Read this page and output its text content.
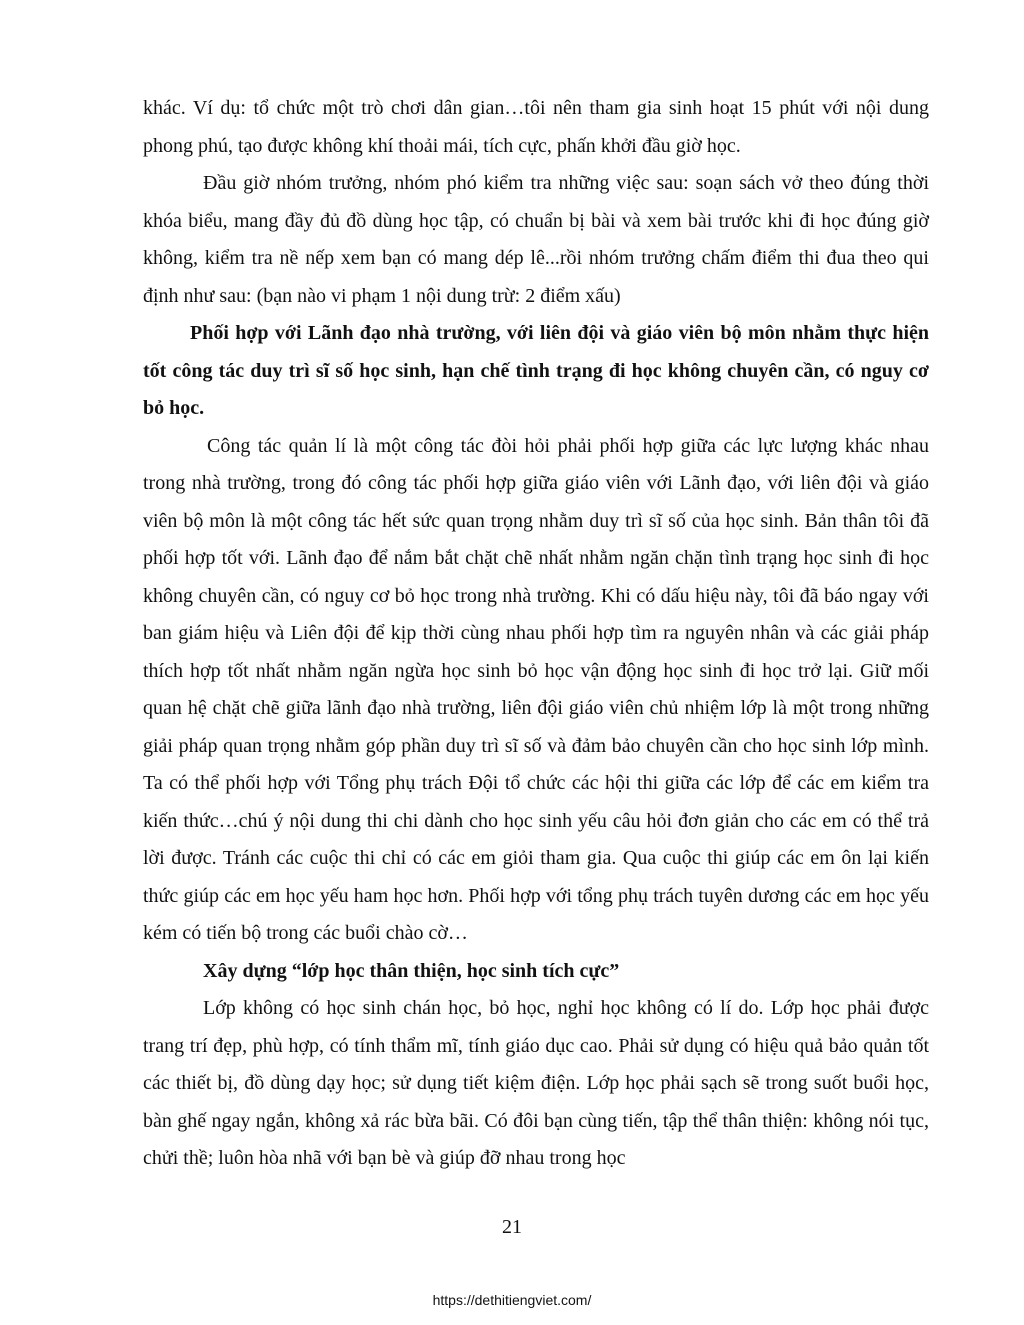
khác. Ví dụ: tổ chức một trò chơi dân gian…tôi nên tham gia sinh hoạt 15 phút với nội dung phong phú, tạo được không khí thoải mái, tích cực, phấn khởi đầu giờ học.

Đầu giờ nhóm trưởng, nhóm phó kiểm tra những việc sau: soạn sách vở theo đúng thời khóa biểu, mang đầy đủ đồ dùng học tập, có chuẩn bị bài và xem bài trước khi đi học đúng giờ không, kiểm tra nề nếp xem bạn có mang dép lê...rồi nhóm trưởng chấm điểm thi đua theo qui định như sau: (bạn nào vi phạm 1 nội dung trừ: 2 điểm xấu)

Phối hợp với Lãnh đạo nhà trường, với liên đội và giáo viên bộ môn nhằm thực hiện tốt công tác duy trì sĩ số học sinh, hạn chế tình trạng đi học không chuyên cần, có nguy cơ bỏ học.

Công tác quản lí là một công tác đòi hỏi phải phối hợp giữa các lực lượng khác nhau trong nhà trường, trong đó công tác phối hợp giữa giáo viên với Lãnh đạo, với liên đội và giáo viên bộ môn là một công tác hết sức quan trọng nhằm duy trì sĩ số của học sinh. Bản thân tôi đã phối hợp tốt với. Lãnh đạo để nắm bắt chặt chẽ nhất nhằm ngăn chặn tình trạng học sinh đi học không chuyên cần, có nguy cơ bỏ học trong nhà trường. Khi có dấu hiệu này, tôi đã báo ngay với ban giám hiệu và Liên đội để kịp thời cùng nhau phối hợp tìm ra nguyên nhân và các giải pháp thích hợp tốt nhất nhằm ngăn ngừa học sinh bỏ học vận động học sinh đi học trở lại. Giữ mối quan hệ chặt chẽ giữa lãnh đạo nhà trường, liên đội giáo viên chủ nhiệm lớp là một trong những giải pháp quan trọng nhằm góp phần duy trì sĩ số và đảm bảo chuyên cần cho học sinh lớp mình. Ta có thể phối hợp với Tổng phụ trách Đội tổ chức các hội thi giữa các lớp để các em kiểm tra kiến thức…chú ý nội dung thi chi dành cho học sinh yếu câu hỏi đơn giản cho các em có thể trả lời được. Tránh các cuộc thi chỉ có các em giỏi tham gia. Qua cuộc thi giúp các em ôn lại kiến thức giúp các em học yếu ham học hơn. Phối hợp với tổng phụ trách tuyên dương các em học yếu kém có tiến bộ trong các buổi chào cờ…

Xây dựng “lớp học thân thiện, học sinh tích cực”

Lớp không có học sinh chán học, bỏ học, nghỉ học không có lí do. Lớp học phải được trang trí đẹp, phù hợp, có tính thẩm mĩ, tính giáo dục cao. Phải sử dụng có hiệu quả bảo quản tốt các thiết bị, đồ dùng dạy học; sử dụng tiết kiệm điện. Lớp học phải sạch sẽ trong suốt buổi học, bàn ghế ngay ngắn, không xả rác bừa bãi. Có đôi bạn cùng tiến, tập thể thân thiện: không nói tục, chửi thề; luôn hòa nhã với bạn bè và giúp đỡ nhau trong học

21
https://dethitiengviet.com/
